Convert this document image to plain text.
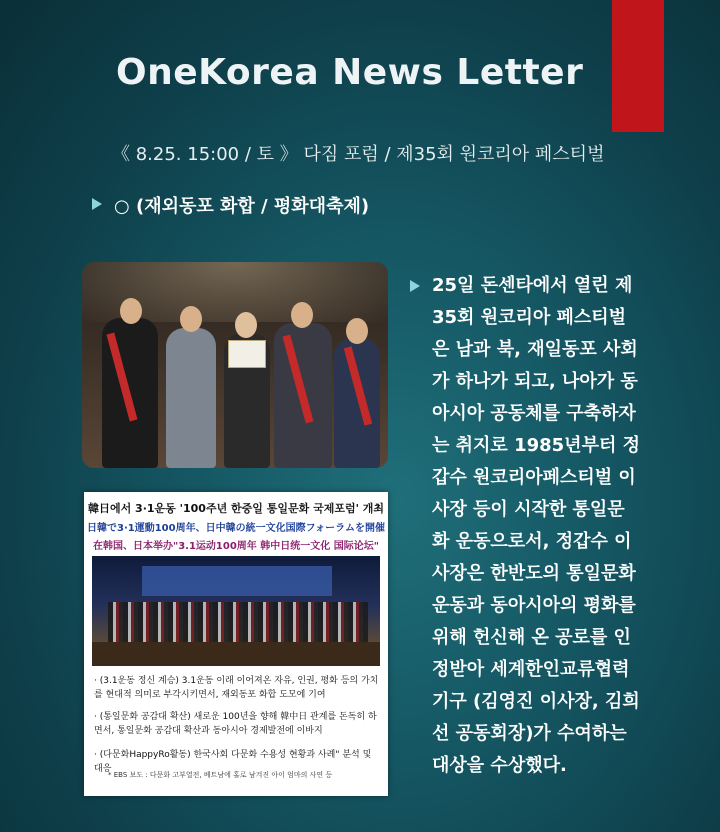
OneKorea News Letter
《 8.25. 15:00 / 토 》 다짐 포럼 / 제35회 원코리아 페스티벌
○ (재외동포 화합 / 평화대축제)
韓日에서 3·1운동 '100주년 한중일 통일문화 국제포럼' 개최
日韓で3·1運動100周年、日中韓の統一文化国際フォーラムを開催
在韩国、日本举办"3.1运动100周年 韩中日统一文化 国际论坛"
· (3.1운동 정신 계승) 3.1운동 이래 이어져온 자유, 인권, 평화 등의 가치를 현대적 의미로 부각시키면서, 재외동포 화합 도모에 기여
· (통일문화 공감대 확산) 새로운 100년을 향해 韓中日 관계를 돈독히 하면서, 통일문화 공감대 확산과 동아시아 경제발전에 이바지
· (다문화HappyRo활동) 한국사회 다문화 수용성 현황과 사례" 분석 및 대응
* EBS 보도 : 다문화 고부열전, 베트남에 홀로 남겨진 아이 엄마의 사연 등
25일 돈센타에서 열린 제
35회 원코리아 페스티벌
은 남과 북, 재일동포 사회
가 하나가 되고, 나아가 동
아시아 공동체를 구축하자
는 취지로 1985년부터 정
갑수 원코리아페스티벌 이
사장 등이 시작한 통일문
화 운동으로서, 정갑수 이
사장은 한반도의 통일문화
운동과 동아시아의 평화를
위해 헌신해 온 공로를 인
정받아 세계한인교류협력
기구 (김영진 이사장, 김희
선 공동회장)가 수여하는
대상을 수상했다.
